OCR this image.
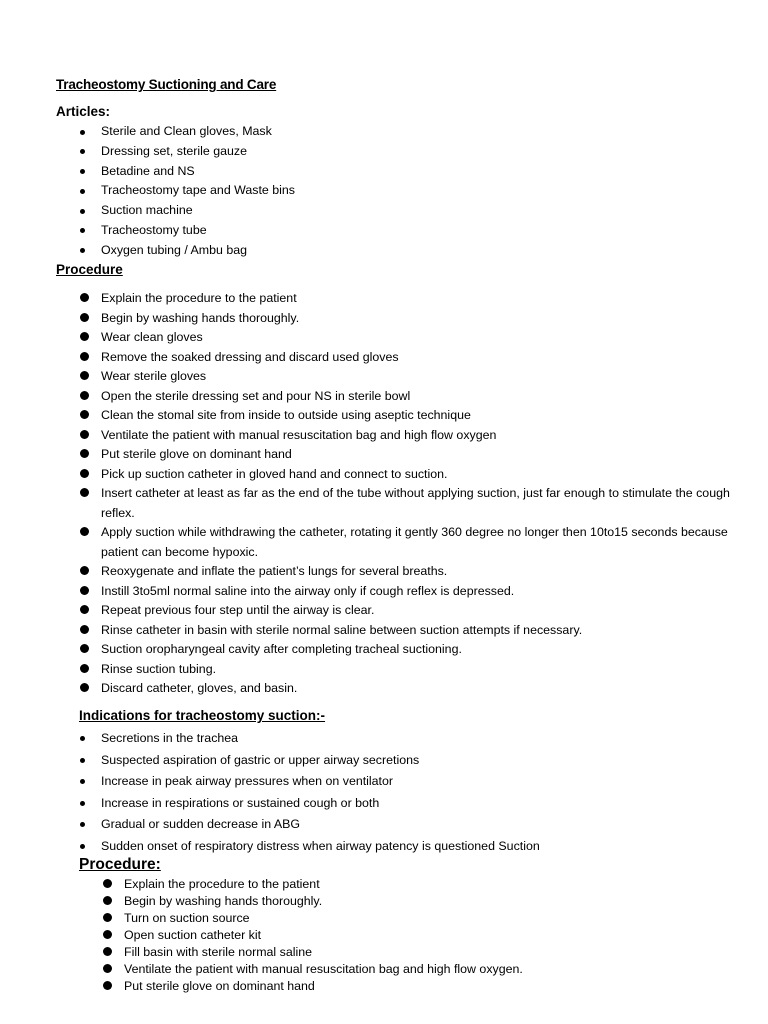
Tracheostomy Suctioning and Care
Articles:
Sterile and Clean gloves, Mask
Dressing set, sterile gauze
Betadine and NS
Tracheostomy tape and Waste bins
Suction machine
Tracheostomy tube
Oxygen tubing / Ambu bag
Procedure
Explain the procedure to the patient
Begin by washing hands thoroughly.
Wear clean gloves
Remove the soaked dressing and discard used gloves
Wear sterile gloves
Open the sterile dressing set and pour NS in sterile bowl
Clean the stomal site from inside to outside using aseptic technique
Ventilate the patient with manual resuscitation bag and high flow oxygen
Put sterile glove on dominant hand
Pick up suction catheter in gloved hand and connect to suction.
Insert catheter at least as far as the end of the tube without applying suction, just far enough to stimulate the cough reflex.
Apply suction while withdrawing the catheter, rotating it gently 360 degree no longer then 10to15 seconds because patient can become hypoxic.
Reoxygenate and inflate the patient’s lungs for several breaths.
Instill 3to5ml normal saline into the airway only if cough reflex is depressed.
Repeat previous four step until the airway is clear.
Rinse catheter in basin with sterile normal saline between suction attempts if necessary.
Suction oropharyngeal cavity after completing tracheal suctioning.
Rinse suction tubing.
Discard catheter, gloves, and basin.
Indications for tracheostomy suction:-
Secretions in the trachea
Suspected aspiration of gastric or upper airway secretions
Increase in peak airway pressures when on ventilator
Increase in respirations or sustained cough or both
Gradual or sudden decrease in ABG
Sudden onset of respiratory distress when airway patency is questioned Suction
Procedure:
Explain the procedure to the patient
Begin by washing hands thoroughly.
Turn on suction source
Open suction catheter kit
Fill basin with sterile normal saline
Ventilate the patient with manual resuscitation bag and high flow oxygen.
Put sterile glove on dominant hand
